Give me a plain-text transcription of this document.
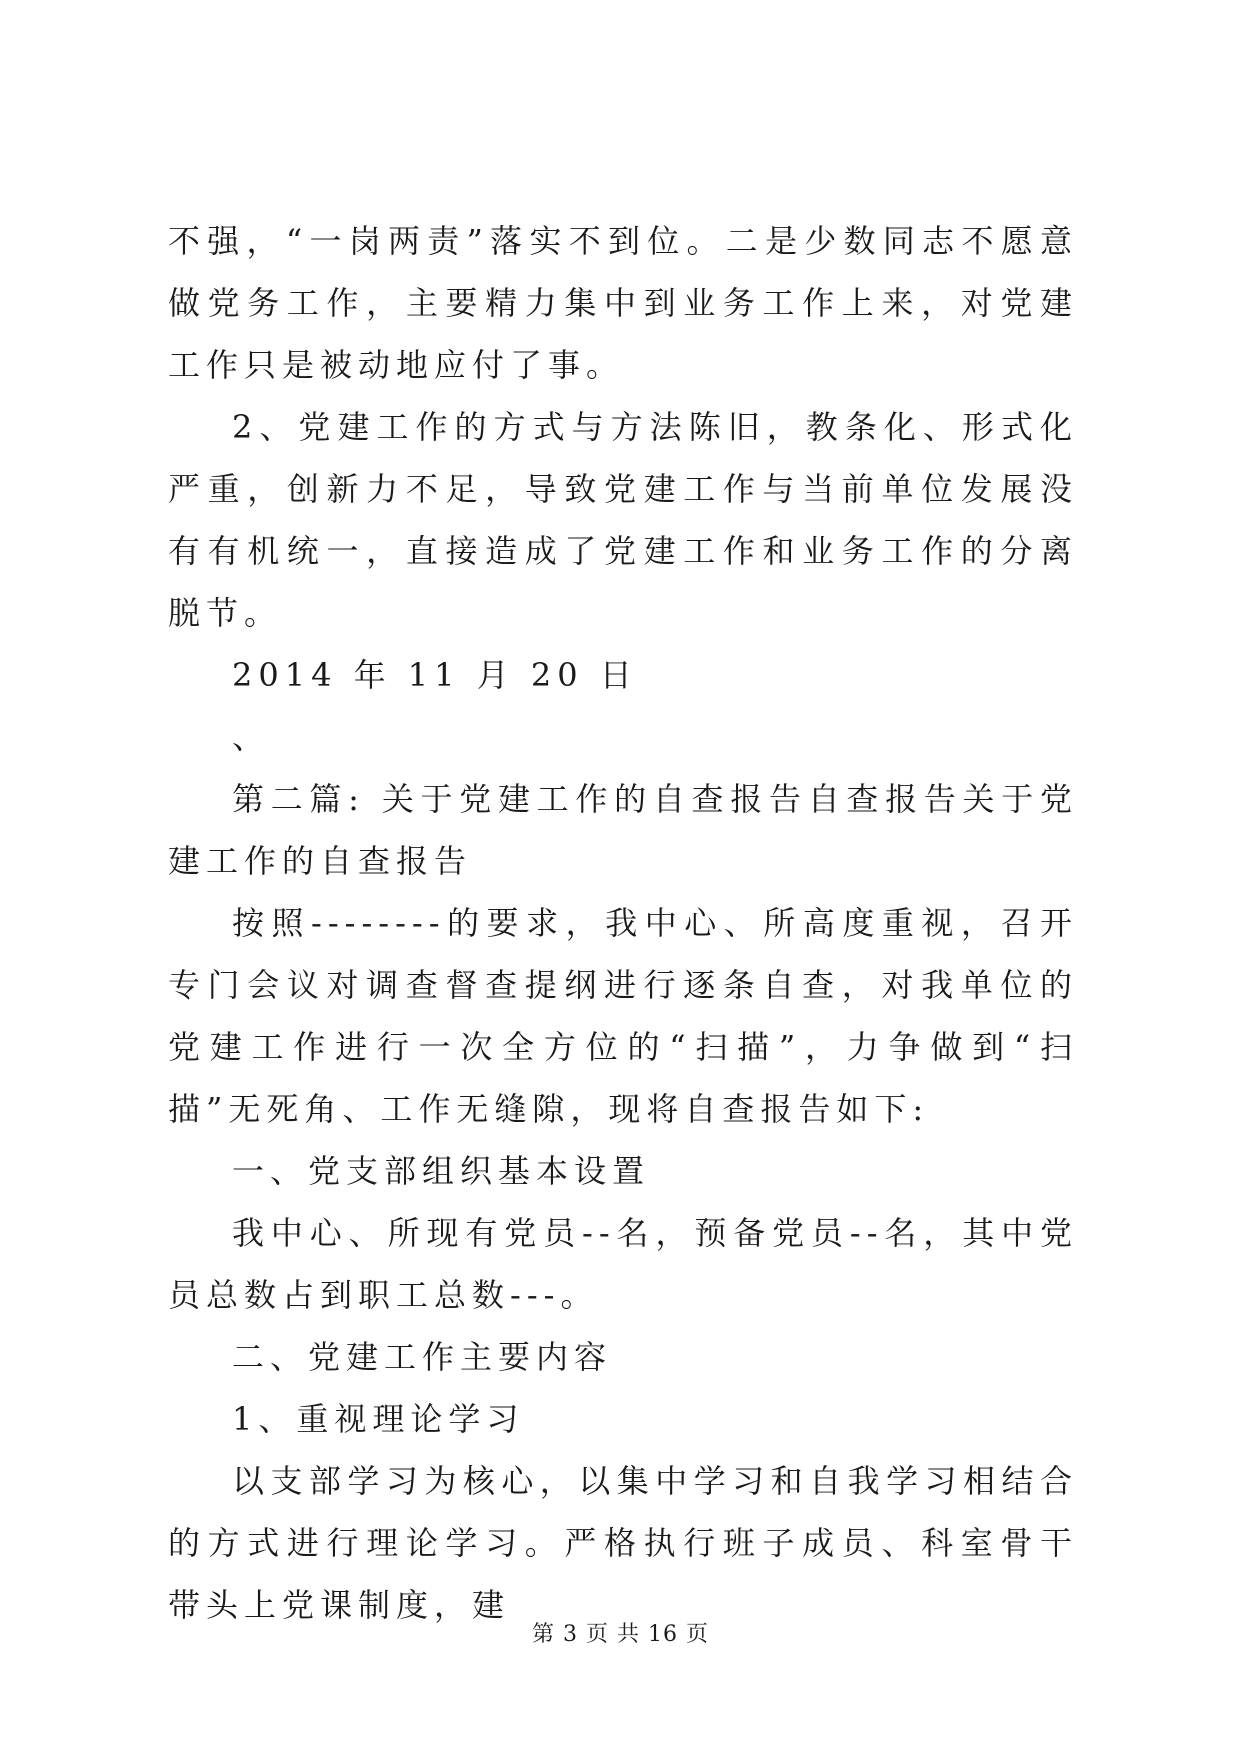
不强，“一岗两责”落实不到位。二是少数同志不愿意做党务工作，主要精力集中到业务工作上来，对党建工作只是被动地应付了事。

2、党建工作的方式与方法陈旧，教条化、形式化严重，创新力不足，导致党建工作与当前单位发展没有有机统一，直接造成了党建工作和业务工作的分离脱节。

2014 年 11 月 20 日

、

第二篇: 关于党建工作的自查报告自查报告关于党建工作的自查报告

按照--------的要求，我中心、所高度重视，召开专门会议对调查督查提纲进行逐条自查，对我单位的党建工作进行一次全方位的“扫描”，力争做到“扫描”无死角、工作无缝隙，现将自查报告如下:

一、党支部组织基本设置

我中心、所现有党员--名，预备党员--名，其中党员总数占到职工总数---。

二、党建工作主要内容

1、重视理论学习

以支部学习为核心，以集中学习和自我学习相结合的方式进行理论学习。严格执行班子成员、科室骨干带头上党课制度，建

第 3 页 共 16 页
